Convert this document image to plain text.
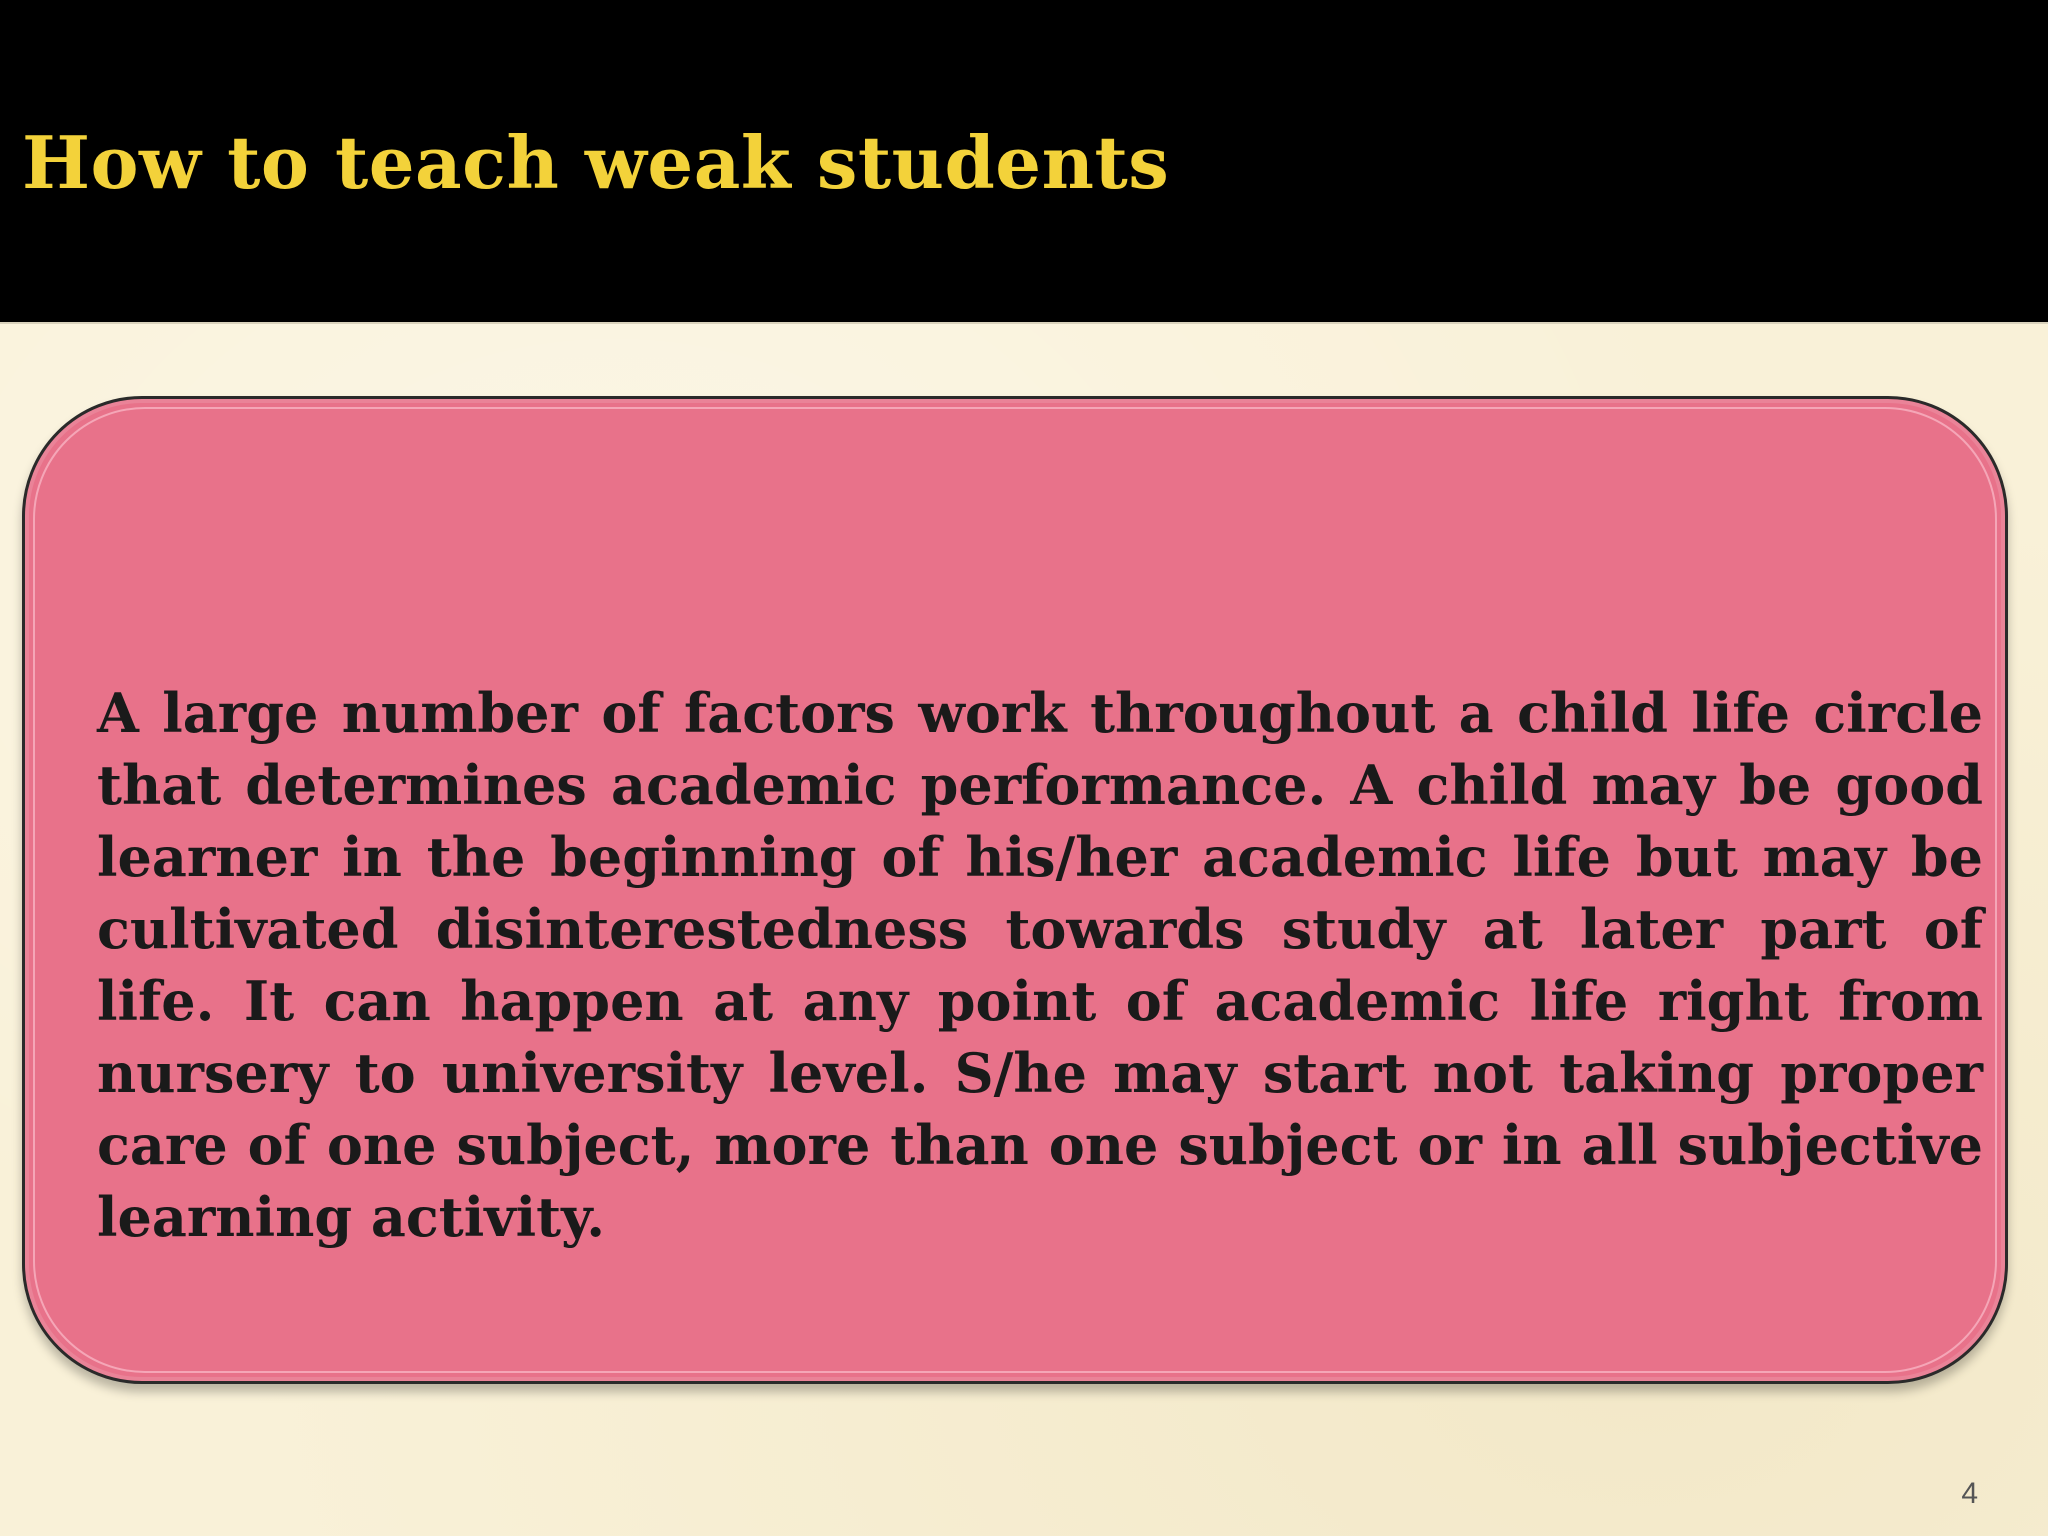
How to teach weak students

A large number of factors work throughout a child life circle that determines academic performance. A child may be good learner in the beginning of his/her academic life but may be cultivated disinterestedness towards study at later part of life. It can happen at any point of academic life right from nursery to university level. S/he may start not taking proper care of one subject, more than one subject or in all subjective learning activity.

4
